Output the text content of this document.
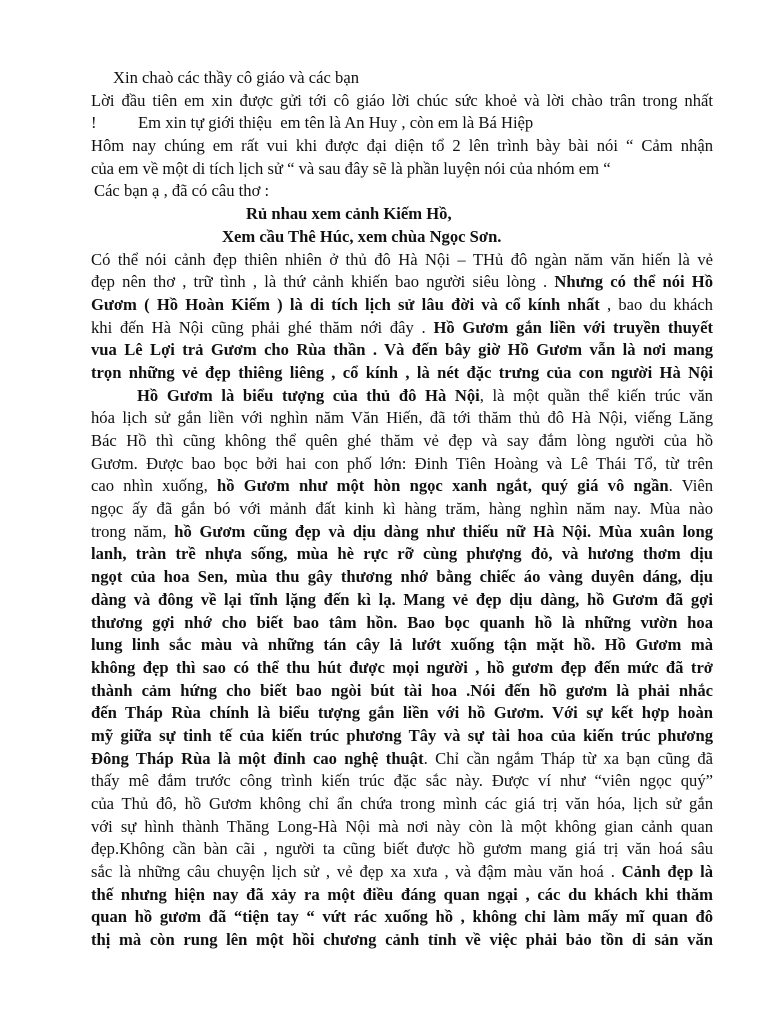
Xin chaò các thầy cô giáo và các bạn
Lời đầu tiên em xin được gửi tới cô giáo lời chúc sức khoẻ và lời chào trân trong nhất
!          Em xin tự giới thiệu  em tên là An Huy , còn em là Bá Hiệp
Hôm nay chúng em rất vui khi được đại diện tổ 2 lên trình bày bài nói “ Cảm nhận
của em về một di tích lịch sử “ và sau đây sẽ là phần luyện nói của nhóm em “
Các bạn ạ , đã có câu thơ :
Rủ nhau xem cảnh Kiếm Hồ,
Xem cầu Thê Húc, xem chùa Ngọc Sơn.
Có thể nói cảnh đẹp thiên nhiên ở thủ đô Hà Nội – THủ đô ngàn năm văn hiến là vẻ
đẹp nên thơ , trữ tình , là thứ cảnh khiến bao người siêu lòng . Nhưng có thể nói Hồ
Gươm ( Hồ Hoàn Kiếm ) là di tích lịch sử lâu đời và cổ kính nhất , bao du khách
khi đến Hà Nội cũng phải ghé thăm nới đây . Hồ Gươm gắn liền với truyền thuyết
vua Lê Lợi trả Gươm cho Rùa thần . Và đến bây giờ Hồ Gươm vẫn là nơi mang
trọn những vẻ đẹp thiêng liêng , cổ kính , là nét đặc trưng của con người Hà Nội
Hồ Gươm là biểu tượng của thủ đô Hà Nội, là một quần thể kiến trúc văn
hóa lịch sử gắn liền với nghìn năm Văn Hiến, đã tới thăm thủ đô Hà Nội, viếng Lăng
Bác Hồ thì cũng không thể quên ghé thăm vẻ đẹp và say đắm lòng người của hồ
Gươm. Được bao bọc bởi hai con phố lớn: Đinh Tiên Hoàng và Lê Thái Tổ, từ trên
cao nhìn xuống, hồ Gươm như một hòn ngọc xanh ngắt, quý giá vô ngần. Viên
ngọc ấy đã gắn bó với mảnh đất kinh kì hàng trăm, hàng nghìn năm nay. Mùa nào
trong năm, hồ Gươm cũng đẹp và dịu dàng như thiếu nữ Hà Nội. Mùa xuân long
lanh, tràn trề nhựa sống, mùa hè rực rỡ cùng phượng đỏ, và hương thơm dịu
ngọt của hoa Sen, mùa thu gây thương nhớ bằng chiếc áo vàng duyên dáng, dịu
dàng và đông về lại tĩnh lặng đến kì lạ. Mang vẻ đẹp dịu dàng, hồ Gươm đã gợi
thương gợi nhớ cho biết bao tâm hồn. Bao bọc quanh hồ là những vườn hoa
lung linh sắc màu và những tán cây lả lướt xuống tận mặt hồ. Hồ Gươm mà
không đẹp thì sao có thể thu hút được mọi người , hồ gươm đẹp đến mức đã trở
thành cảm hứng cho biết bao ngòi bút tài hoa .Nói đến hồ gươm là phải nhắc
đến Tháp Rùa chính là biểu tượng gắn liền với hồ Gươm. Với sự kết hợp hoàn
mỹ giữa sự tinh tế của kiến trúc phương Tây và sự tài hoa của kiến trúc phương
Đông Tháp Rùa là một đỉnh cao nghệ thuật. Chỉ cần ngắm Tháp từ xa bạn cũng đã
thấy mê đắm trước công trình kiến trúc đặc sắc này. Được ví như “viên ngọc quý”
của Thủ đô, hồ Gươm không chỉ ẩn chứa trong mình các giá trị văn hóa, lịch sử gắn
với sự hình thành Thăng Long-Hà Nội mà nơi này còn là một không gian cảnh quan
đẹp.Không cần bàn cãi , người ta cũng biết được hồ gươm mang giá trị văn hoá sâu
sắc là những câu chuyện lịch sử , vẻ đẹp xa xưa , và đậm màu văn hoá . Cảnh đẹp là
thế nhưng hiện nay đã xảy ra một điều đáng quan ngại , các du khách khi thăm
quan hồ gươm đã “tiện tay “ vứt rác xuống hồ , không chỉ làm mấy mĩ quan đô
thị mà còn rung lên một hồi chương cảnh tỉnh về việc phải bảo tồn di sản văn
